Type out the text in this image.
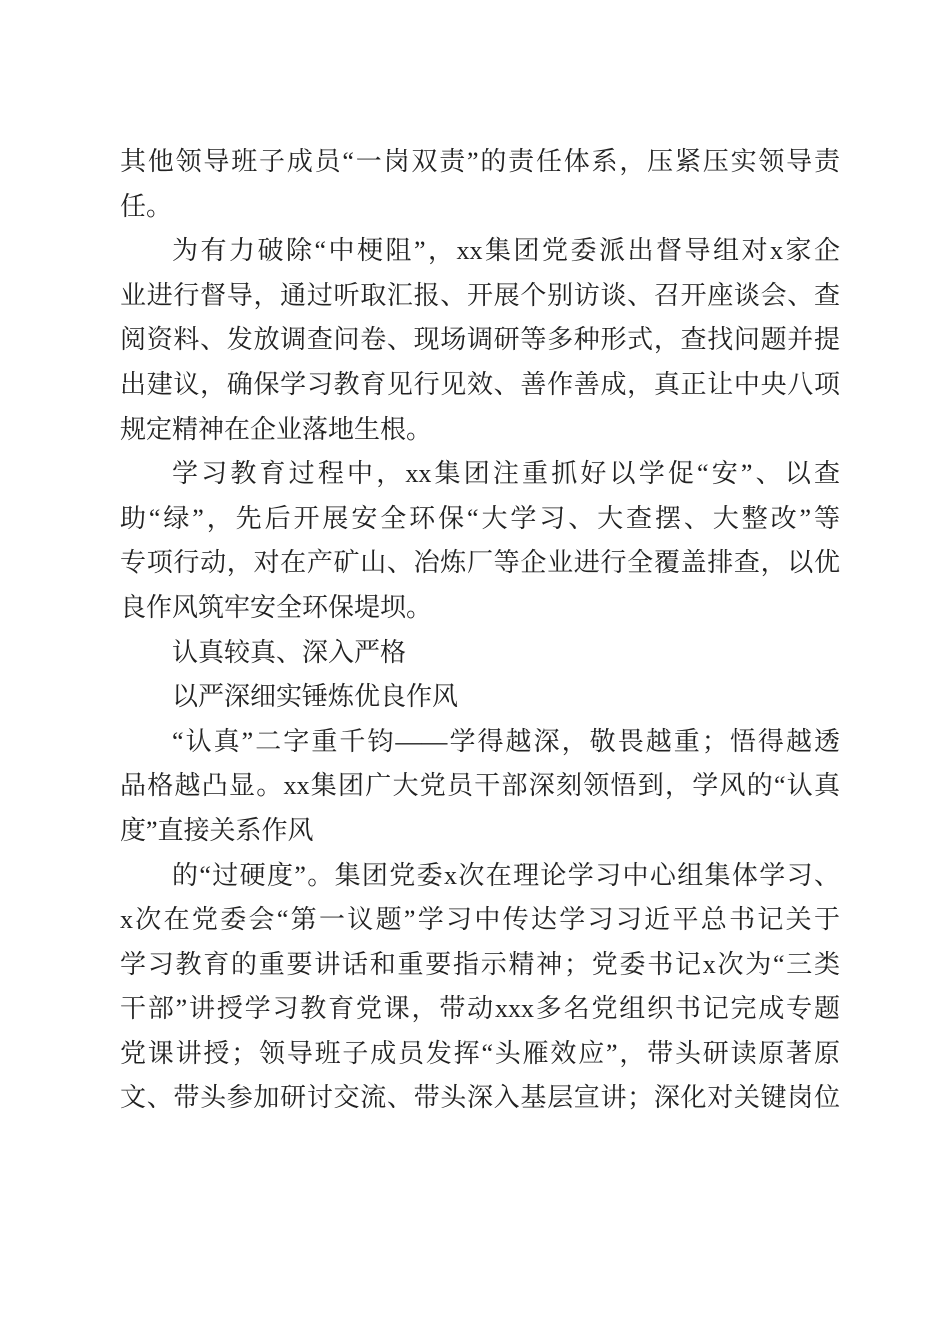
其他领导班子成员“一岗双责”的责任体系，压紧压实领导责
任。
为有力破除“中梗阻”，xx集团党委派出督导组对x家企
业进行督导，通过听取汇报、开展个别访谈、召开座谈会、查
阅资料、发放调查问卷、现场调研等多种形式，查找问题并提
出建议，确保学习教育见行见效、善作善成，真正让中央八项
规定精神在企业落地生根。
学习教育过程中，xx集团注重抓好以学促“安”、以查
助“绿”，先后开展安全环保“大学习、大查摆、大整改”等
专项行动，对在产矿山、冶炼厂等企业进行全覆盖排查，以优
良作风筑牢安全环保堤坝。
认真较真、深入严格
以严深细实锤炼优良作风
“认真”二字重千钧——学得越深，敬畏越重；悟得越透
品格越凸显。xx集团广大党员干部深刻领悟到，学风的“认真
度”直接关系作风
的“过硬度”。集团党委x次在理论学习中心组集体学习、
x次在党委会“第一议题”学习中传达学习习近平总书记关于
学习教育的重要讲话和重要指示精神；党委书记x次为“三类
干部”讲授学习教育党课，带动xxx多名党组织书记完成专题
党课讲授；领导班子成员发挥“头雁效应”，带头研读原著原
文、带头参加研讨交流、带头深入基层宣讲；深化对关键岗位
